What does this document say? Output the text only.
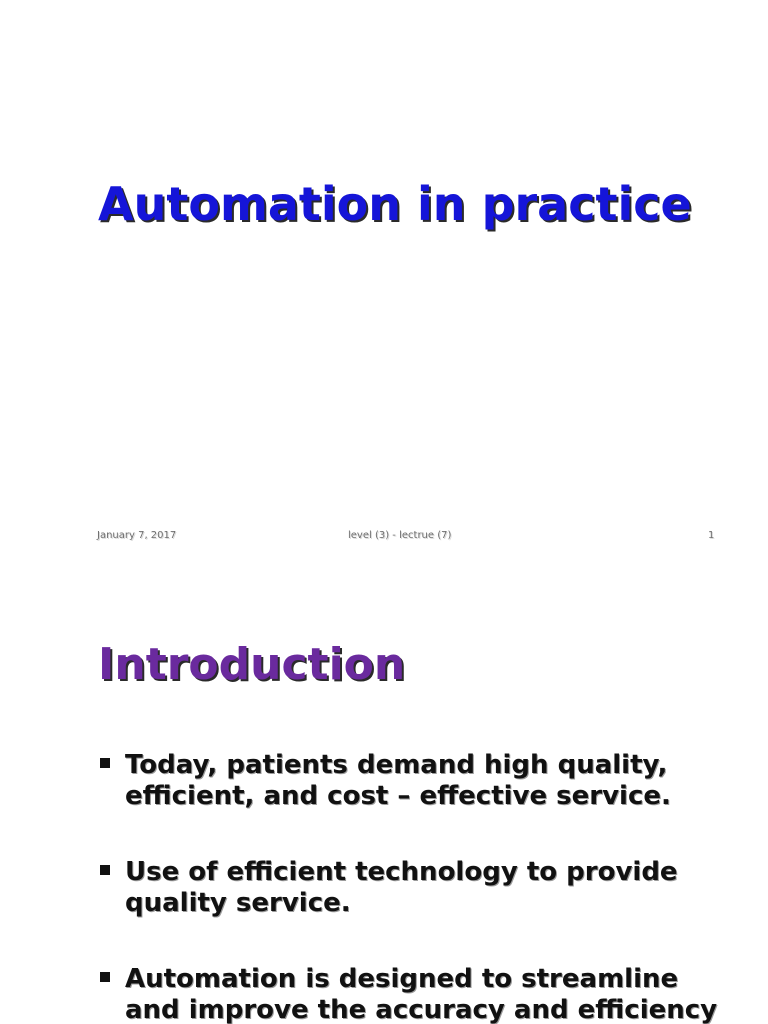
Automation in practice
January 7, 2017	level (3) - lectrue (7)	1
Introduction
Today, patients demand high quality, efficient, and cost – effective service.
Use of efficient technology to provide quality service.
Automation is designed to streamline and improve the accuracy and efficiency
